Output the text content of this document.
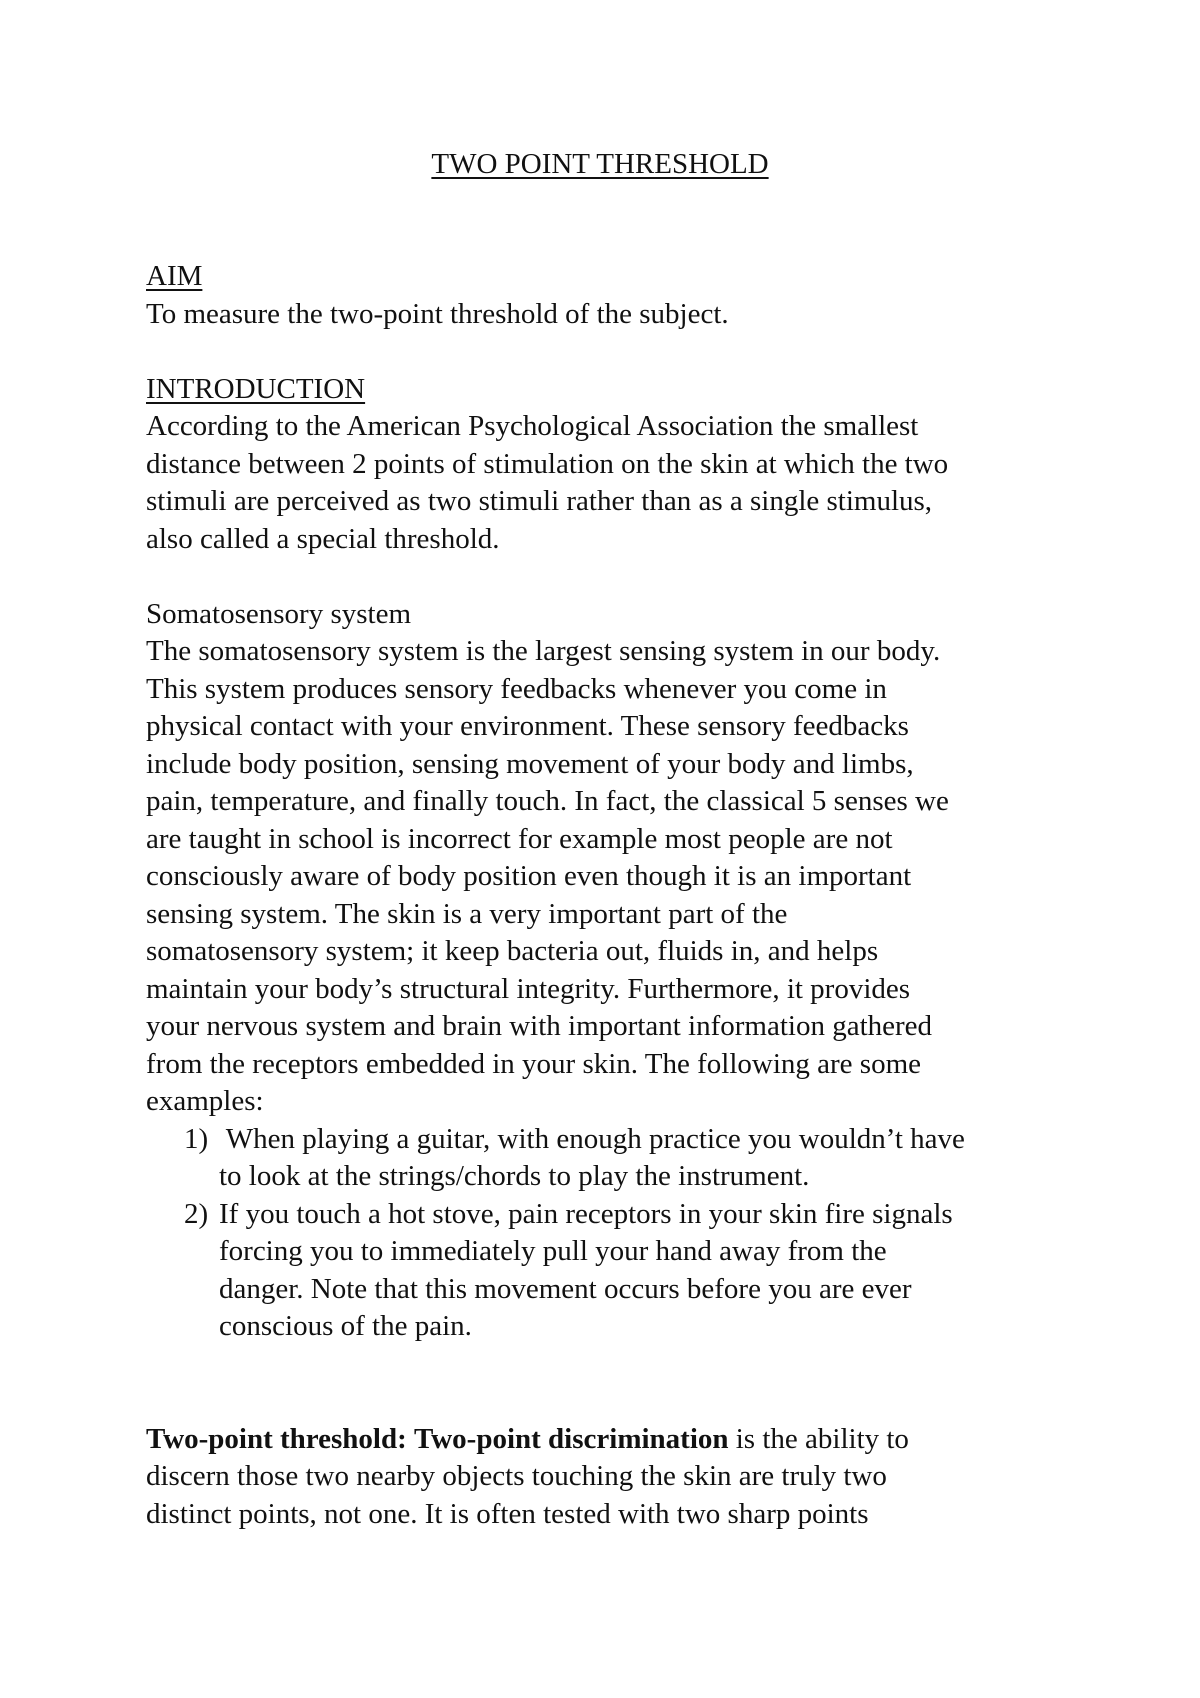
TWO POINT THRESHOLD
AIM
To measure the two-point threshold of the subject.
INTRODUCTION
According to the American Psychological Association the smallest
distance between 2 points of stimulation on the skin at which the two
stimuli are perceived as two stimuli rather than as a single stimulus,
also called a special threshold.
Somatosensory system
The somatosensory system is the largest sensing system in our body.
This system produces sensory feedbacks whenever you come in
physical contact with your environment. These sensory feedbacks
include body position, sensing movement of your body and limbs,
pain, temperature, and finally touch. In fact, the classical 5 senses we
are taught in school is incorrect for example most people are not
consciously aware of body position even though it is an important
sensing system. The skin is a very important part of the
somatosensory system; it keep bacteria out, fluids in, and helps
maintain your body’s structural integrity. Furthermore, it provides
your nervous system and brain with important information gathered
from the receptors embedded in your skin. The following are some
examples:
1) When playing a guitar, with enough practice you wouldn’t have
to look at the strings/chords to play the instrument.
2) If you touch a hot stove, pain receptors in your skin fire signals
forcing you to immediately pull your hand away from the
danger. Note that this movement occurs before you are ever
conscious of the pain.
Two-point threshold: Two-point discrimination is the ability to
discern those two nearby objects touching the skin are truly two
distinct points, not one. It is often tested with two sharp points
